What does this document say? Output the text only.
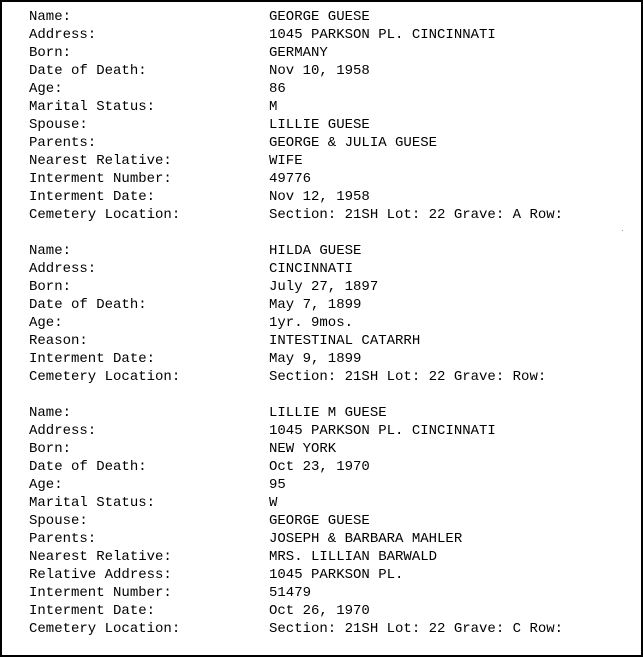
Name:	GEORGE GUESE
Address:	1045 PARKSON PL. CINCINNATI
Born:	GERMANY
Date of Death:	Nov 10, 1958
Age:	86
Marital Status:	M
Spouse:	LILLIE GUESE
Parents:	GEORGE & JULIA GUESE
Nearest Relative:	WIFE
Interment Number:	49776
Interment Date:	Nov 12, 1958
Cemetery Location:	Section: 21SH Lot: 22 Grave: A Row:
Name:	HILDA GUESE
Address:	CINCINNATI
Born:	July 27, 1897
Date of Death:	May 7, 1899
Age:	1yr. 9mos.
Reason:	INTESTINAL CATARRH
Interment Date:	May 9, 1899
Cemetery Location:	Section: 21SH Lot: 22 Grave: Row:
Name:	LILLIE M GUESE
Address:	1045 PARKSON PL. CINCINNATI
Born:	NEW YORK
Date of Death:	Oct 23, 1970
Age:	95
Marital Status:	W
Spouse:	GEORGE GUESE
Parents:	JOSEPH & BARBARA MAHLER
Nearest Relative:	MRS. LILLIAN BARWALD
Relative Address:	1045 PARKSON PL.
Interment Number:	51479
Interment Date:	Oct 26, 1970
Cemetery Location:	Section: 21SH Lot: 22 Grave: C Row:
